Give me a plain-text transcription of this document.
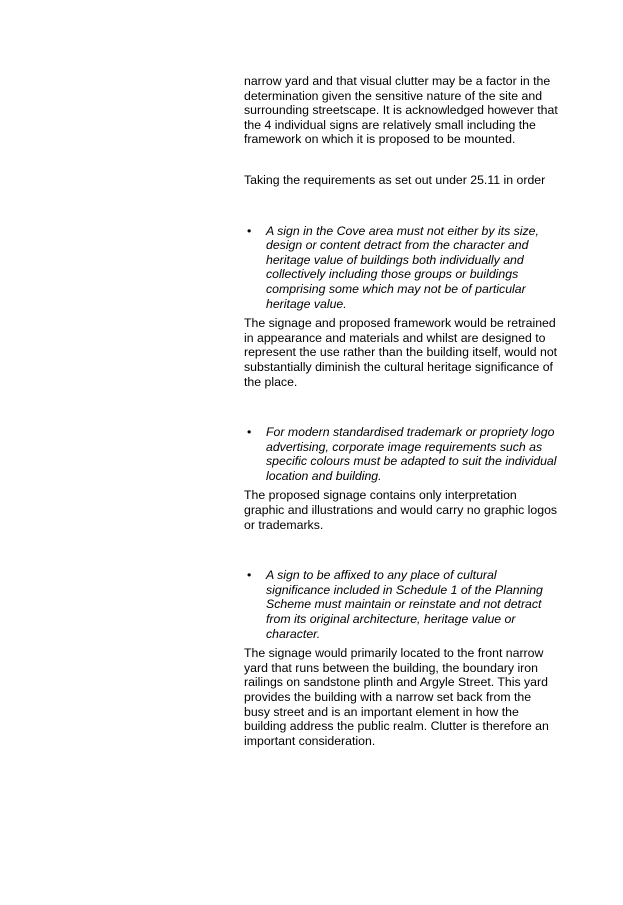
narrow yard and that visual clutter may be a factor in the determination given the sensitive nature of the site and surrounding streetscape. It is acknowledged however that the 4 individual signs are relatively small including the framework on which it is proposed to be mounted.

Taking the requirements as set out under 25.11 in order

• A sign in the Cove area must not either by its size, design or content detract from the character and heritage value of buildings both individually and collectively including those groups or buildings comprising some which may not be of particular heritage value.

The signage and proposed framework would be retrained in appearance and materials and whilst are designed to represent the use rather than the building itself, would not substantially diminish the cultural heritage significance of the place.

• For modern standardised trademark or propriety logo advertising, corporate image requirements such as specific colours must be adapted to suit the individual location and building.

The proposed signage contains only interpretation graphic and illustrations and would carry no graphic logos or trademarks.

• A sign to be affixed to any place of cultural significance included in Schedule 1 of the Planning Scheme must maintain or reinstate and not detract from its original architecture, heritage value or character.

The signage would primarily located to the front narrow yard that runs between the building, the boundary iron railings on sandstone plinth and Argyle Street. This yard provides the building with a narrow set back from the busy street and is an important element in how the building address the public realm. Clutter is therefore an important consideration.
